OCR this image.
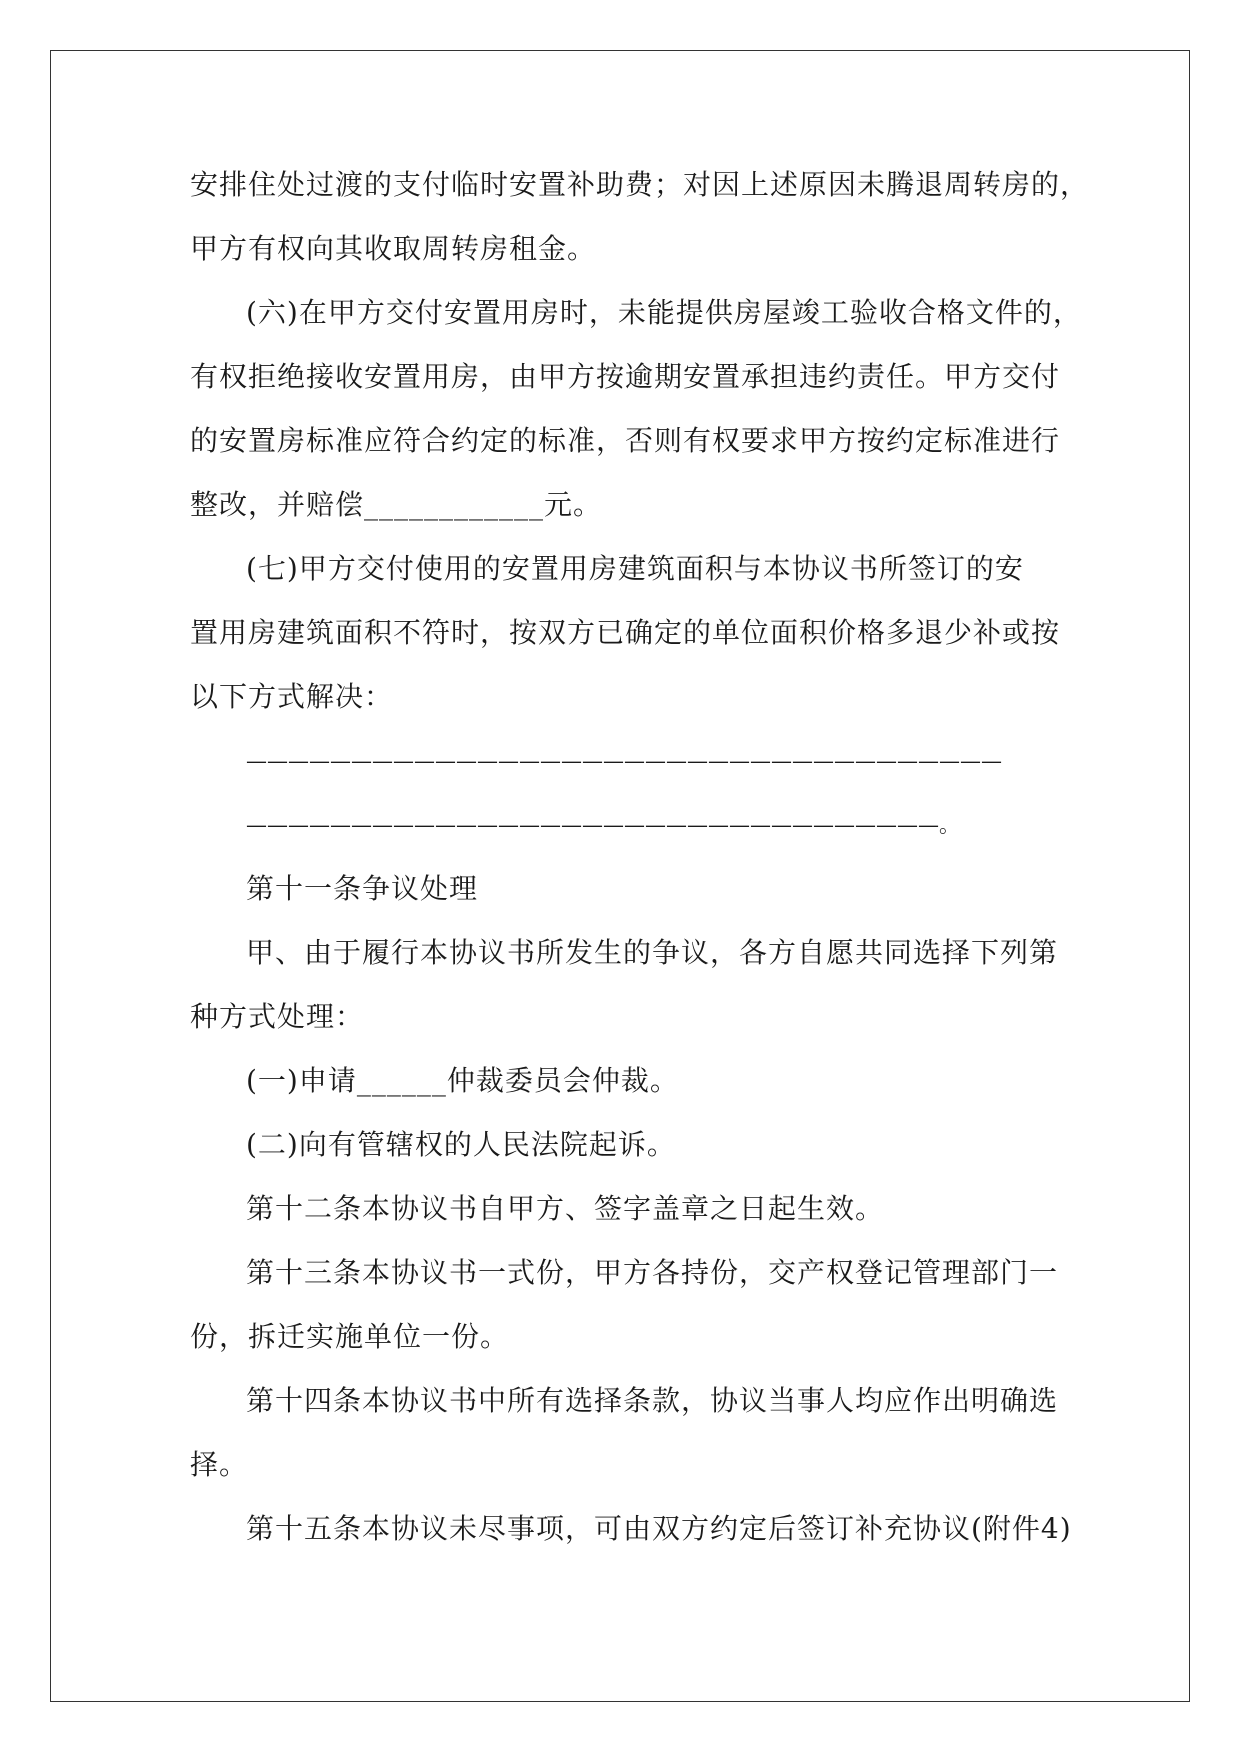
安排住处过渡的支付临时安置补助费；对因上述原因未腾退周转房的，
甲方有权向其收取周转房租金。
(六)在甲方交付安置用房时，未能提供房屋竣工验收合格文件的，
有权拒绝接收安置用房，由甲方按逾期安置承担违约责任。甲方交付
的安置房标准应符合约定的标准，否则有权要求甲方按约定标准进行
整改，并赔偿____________元。
(七)甲方交付使用的安置用房建筑面积与本协议书所签订的安
置用房建筑面积不符时，按双方已确定的单位面积价格多退少补或按
以下方式解决：
————————————————————————————————————
—————————————————————————————————。
第十一条争议处理
甲、由于履行本协议书所发生的争议，各方自愿共同选择下列第
种方式处理：
(一)申请______仲裁委员会仲裁。
(二)向有管辖权的人民法院起诉。
第十二条本协议书自甲方、签字盖章之日起生效。
第十三条本协议书一式份，甲方各持份，交产权登记管理部门一
份，拆迁实施单位一份。
第十四条本协议书中所有选择条款，协议当事人均应作出明确选
择。
第十五条本协议未尽事项，可由双方约定后签订补充协议(附件4)
